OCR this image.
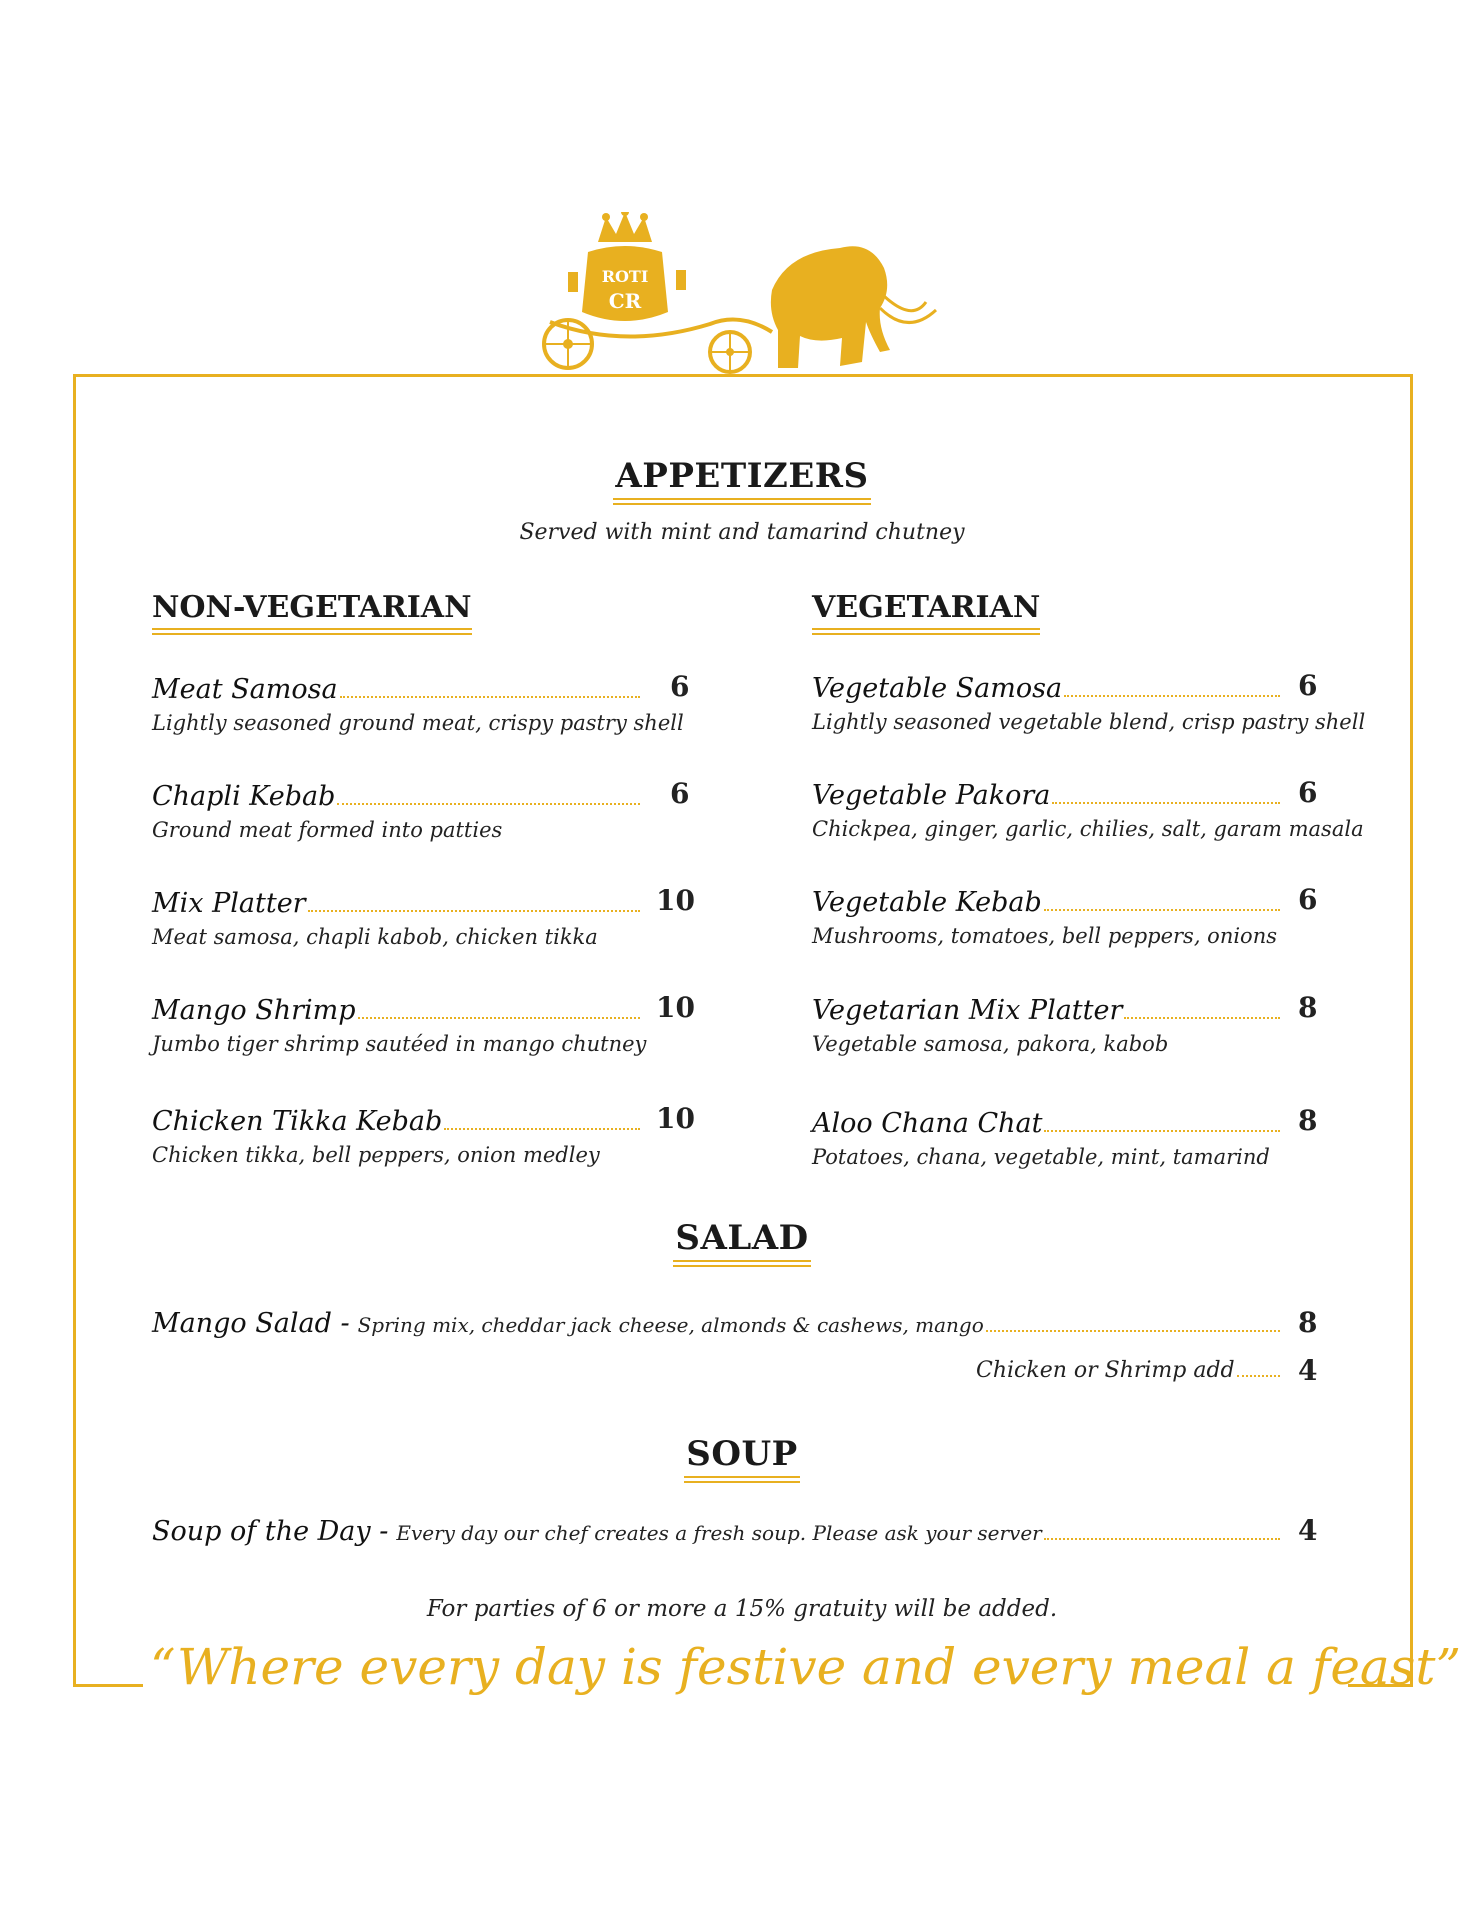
ROTI
CR
APPETIZERS
Served with mint and tamarind chutney
NON-VEGETARIAN	VEGETARIAN
Meat Samosa
Lightly seasoned ground meat, crispy pastry shell
6
Chapli Kebab
Ground meat formed into patties
6
Mix Platter
Meat samosa, chapli kabob, chicken tikka
10
Mango Shrimp
Jumbo tiger shrimp sautéed in mango chutney
10
Chicken Tikka Kebab
Chicken tikka, bell peppers, onion medley
10
Vegetable Samosa
Lightly seasoned vegetable blend, crisp pastry shell
6
Vegetable Pakora
Chickpea, ginger, garlic, chilies, salt, garam masala
6
Vegetable Kebab
Mushrooms, tomatoes, bell peppers, onions
6
Vegetarian Mix Platter
Vegetable samosa, pakora, kabob
8
Aloo Chana Chat
Potatoes, chana, vegetable, mint, tamarind
8
SALAD
Mango Salad - Spring mix, cheddar jack cheese, almonds & cashews, mango	8
Chicken or Shrimp add 4
SOUP
Soup of the Day - Every day our chef creates a fresh soup. Please ask your server	4
For parties of 6 or more a 15% gratuity will be added.
“Where every day is festive and every meal a feast”
